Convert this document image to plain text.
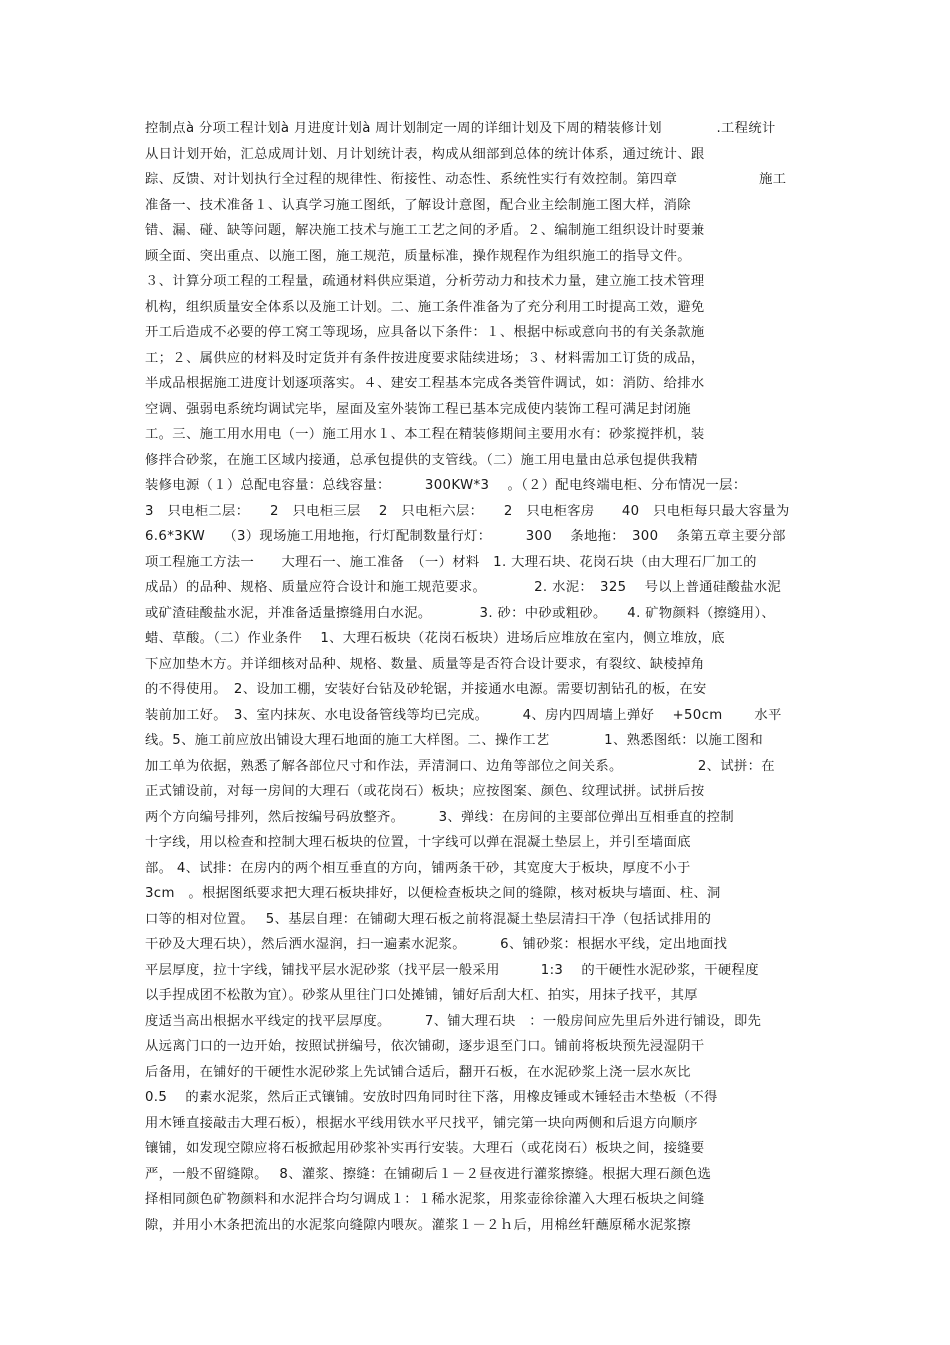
控制点à 分项工程计划à 月进度计划à 周计划制定一周的详细计划及下周的精装修计划　　　　.工程统计
从日计划开始，汇总成周计划、月计划统计表，构成从细部到总体的统计体系，通过统计、跟
踪、反馈、对计划执行全过程的规律性、衔接性、动态性、系统性实行有效控制。第四章　　　　　　施工
准备一、技术准备１、认真学习施工图纸，了解设计意图，配合业主绘制施工图大样，消除
错、漏、碰、缺等问题，解决施工技术与施工工艺之间的矛盾。２、编制施工组织设计时要兼
顾全面、突出重点、以施工图，施工规范，质量标准，操作规程作为组织施工的指导文件。
３、计算分项工程的工程量，疏通材料供应渠道，分析劳动力和技术力量，建立施工技术管理
机构，组织质量安全体系以及施工计划。二、施工条件准备为了充分利用工时提高工效，避免
开工后造成不必要的停工窝工等现场，应具备以下条件：１、根据中标或意向书的有关条款施
工；２、属供应的材料及时定货并有条件按进度要求陆续进场；３、材料需加工订货的成品，
半成品根据施工进度计划逐项落实。４、建安工程基本完成各类管件调试，如：消防、给排水
空调、强弱电系统均调试完毕，屋面及室外装饰工程已基本完成使内装饰工程可满足封闭施
工。三、施工用水用电（一）施工用水１、本工程在精装修期间主要用水有：砂浆搅拌机，装
修拌合砂浆，在施工区域内接通，总承包提供的支管线。（二）施工用电量由总承包提供我精
装修电源（１）总配电容量：总线容量：　　　300KW*3　 。（２）配电终端电柜、分布情况一层：
3　只电柜二层：　　2　只电柜三层　 2　只电柜六层：　　2　只电柜客房　　40　只电柜每只最大容量为
6.6*3KW　 （3）现场施工用地拖，行灯配制数量行灯：　　　300　 条地拖：　300　 条第五章主要分部
项工程施工方法一　　大理石一、施工准备　（一）材料　1. 大理石块、花岗石块（由大理石厂加工的
成品）的品种、规格、质量应符合设计和施工规范要求。　　　　2. 水泥：　325　 号以上普通硅酸盐水泥
或矿渣硅酸盐水泥，并准备适量擦缝用白水泥。　　　　3. 砂：中砂或粗砂。　　4. 矿物颜料（擦缝用）、
蜡、草酸。（二）作业条件　 1、大理石板块（花岗石板块）进场后应堆放在室内，侧立堆放，底
下应加垫木方。并详细核对品种、规格、数量、质量等是否符合设计要求，有裂纹、缺棱掉角
的不得使用。　2、设加工棚，安装好台钻及砂轮锯，并接通水电源。需要切割钻孔的板，在安
装前加工好。　3、室内抹灰、水电设备管线等均已完成。　　　4、房内四周墙上弹好　 +50cm　　 水平
线。5、施工前应放出铺设大理石地面的施工大样图。二、操作工艺　　　　1、熟悉图纸：以施工图和
加工单为依据，熟悉了解各部位尺寸和作法，弄清洞口、边角等部位之间关系。　　　　　　2、试拼：在
正式铺设前，对每一房间的大理石（或花岗石）板块；应按图案、颜色、纹理试拼。试拼后按
两个方向编号排列，然后按编号码放整齐。　　　3、弹线：在房间的主要部位弹出互相垂直的控制
十字线，用以检查和控制大理石板块的位置，十字线可以弹在混凝土垫层上，并引至墙面底
部。 4、试排：在房内的两个相互垂直的方向，铺两条干砂，其宽度大于板块，厚度不小于
3cm　。根据图纸要求把大理石板块排好，以便检查板块之间的缝隙，核对板块与墙面、柱、洞
口等的相对位置。　 5、基层自理：在铺砌大理石板之前将混凝土垫层清扫干净（包括试排用的
干砂及大理石块），然后洒水湿润，扫一遍素水泥浆。　　　6、铺砂浆：根据水平线，定出地面找
平层厚度，拉十字线，铺找平层水泥砂浆（找平层一般采用　　　1:3　 的干硬性水泥砂浆，干硬程度
以手捏成团不松散为宜）。砂浆从里往门口处摊铺，铺好后刮大杠、拍实，用抹子找平，其厚
度适当高出根据水平线定的找平层厚度。　　　7、铺大理石块　：一般房间应先里后外进行铺设，即先
从远离门口的一边开始，按照试拼编号，依次铺砌，逐步退至门口。铺前将板块预先浸湿阴干
后备用，在铺好的干硬性水泥砂浆上先试铺合适后，翻开石板，在水泥砂浆上浇一层水灰比
0.5　 的素水泥浆，然后正式镶铺。安放时四角同时往下落，用橡皮锤或木锤轻击木垫板（不得
用木锤直接敲击大理石板），根据水平线用铁水平尺找平，铺完第一块向两侧和后退方向顺序
镶铺，如发现空隙应将石板掀起用砂浆补实再行安装。大理石（或花岗石）板块之间，接缝要
严，一般不留缝隙。　 8、灌浆、擦缝：在铺砌后１－２昼夜进行灌浆擦缝。根据大理石颜色选
择相同颜色矿物颜料和水泥拌合均匀调成１：１稀水泥浆，用浆壶徐徐灌入大理石板块之间缝
隙，并用小木条把流出的水泥浆向缝隙内喂灰。灌浆１－２ｈ后，用棉丝轩蘸原稀水泥浆擦
